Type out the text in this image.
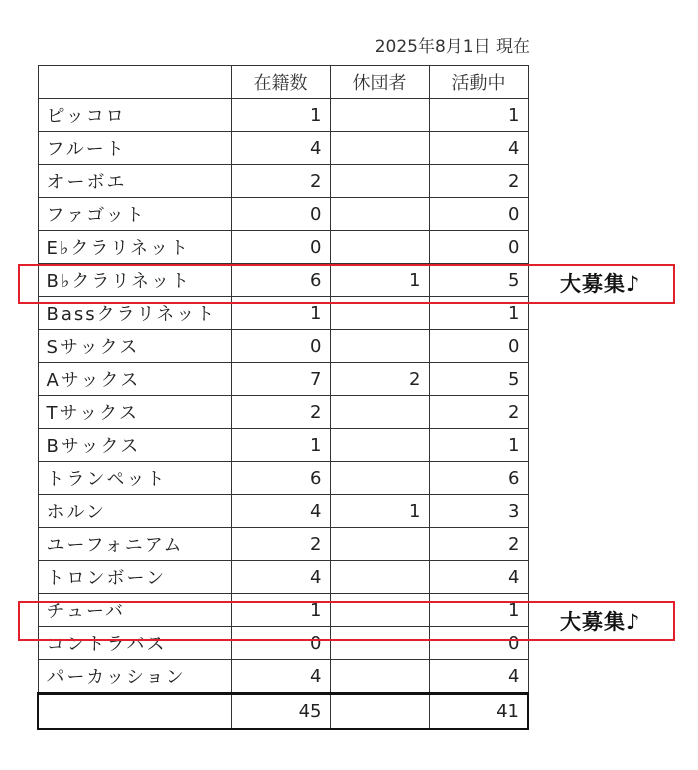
2025年8月1日 現在
	在籍数	休団者	活動中
ピッコロ	1		1
フルート	4		4
オーボエ	2		2
ファゴット	0		0
E♭クラリネット	0		0
B♭クラリネット	6	1	5
Bassクラリネット	1		1
Sサックス	0		0
Aサックス	7	2	5
Tサックス	2		2
Bサックス	1		1
トランペット	6		6
ホルン	4	1	3
ユーフォニアム	2		2
トロンボーン	4		4
チューバ	1		1
コントラバス	0		0
パーカッション	4		4
	45		41
大募集♪
大募集♪
